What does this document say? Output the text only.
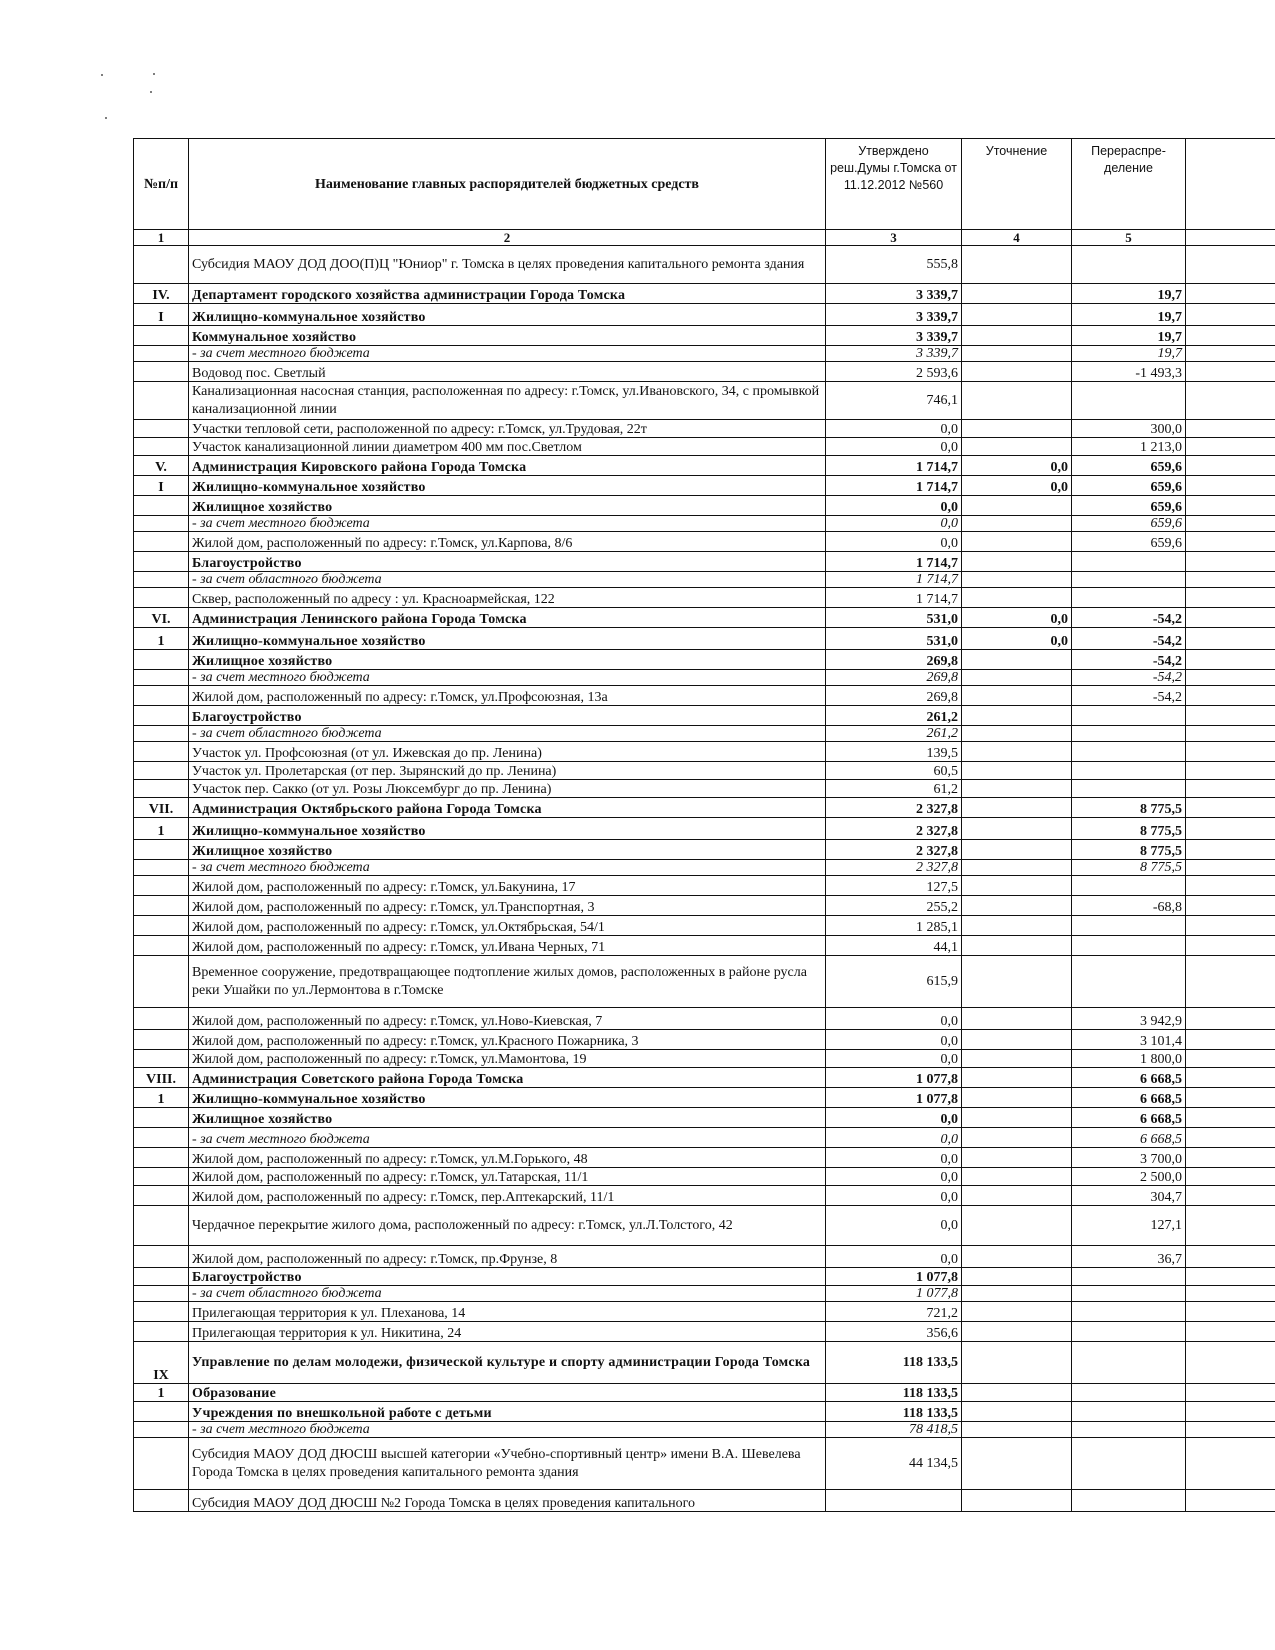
№п/п	Наименование главных распорядителей бюджетных средств	Утверждено реш.Думы г.Томска от 11.12.2012 №560	Уточнение	Перераспре-деление	
1	2	3	4	5	
	Субсидия МАОУ ДОД ДОО(П)Ц "Юниор" г. Томска в целях проведения капитального ремонта здания	555,8			
IV.	Департамент городского хозяйства администрации Города Томска	3 339,7		19,7	
I	Жилищно-коммунальное хозяйство	3 339,7		19,7	
	Коммунальное хозяйство	3 339,7		19,7	
	- за счет местного бюджета	3 339,7		19,7	
	Водовод пос. Светлый	2 593,6		-1 493,3	
	Канализационная насосная станция, расположенная по адресу: г.Томск, ул.Ивановского, 34, с промывкой канализационной линии	746,1			
	Участки тепловой сети, расположенной по адресу: г.Томск, ул.Трудовая, 22т	0,0		300,0	
	Участок канализационной линии диаметром 400 мм пос.Светлом	0,0		1 213,0	
V.	Администрация Кировского района Города Томска	1 714,7	0,0	659,6	
I	Жилищно-коммунальное хозяйство	1 714,7	0,0	659,6	
	Жилищное хозяйство	0,0		659,6	
	- за счет местного бюджета	0,0		659,6	
	Жилой дом, расположенный по адресу: г.Томск, ул.Карпова, 8/6	0,0		659,6	
	Благоустройство	1 714,7			
	- за счет областного бюджета	1 714,7			
	Сквер, расположенный по адресу : ул. Красноармейская, 122	1 714,7			
VI.	Администрация Ленинского района Города Томска	531,0	0,0	-54,2	
1	Жилищно-коммунальное хозяйство	531,0	0,0	-54,2	
	Жилищное хозяйство	269,8		-54,2	
	- за счет местного бюджета	269,8		-54,2	
	Жилой дом, расположенный по адресу: г.Томск, ул.Профсоюзная, 13а	269,8		-54,2	
	Благоустройство	261,2			
	- за счет областного бюджета	261,2			
	Участок ул. Профсоюзная (от ул. Ижевская до пр. Ленина)	139,5			
	Участок ул. Пролетарская (от пер. Зырянский до пр. Ленина)	60,5			
	Участок пер. Сакко (от ул. Розы Люксембург до пр. Ленина)	61,2			
VII.	Администрация Октябрьского района Города Томска	2 327,8		8 775,5	
1	Жилищно-коммунальное хозяйство	2 327,8		8 775,5	
	Жилищное хозяйство	2 327,8		8 775,5	
	- за счет местного бюджета	2 327,8		8 775,5	
	Жилой дом, расположенный по адресу: г.Томск, ул.Бакунина, 17	127,5			
	Жилой дом, расположенный по адресу: г.Томск, ул.Транспортная, 3	255,2		-68,8	
	Жилой дом, расположенный по адресу: г.Томск, ул.Октябрьская, 54/1	1 285,1			
	Жилой дом, расположенный по адресу: г.Томск, ул.Ивана Черных, 71	44,1			
	Временное сооружение, предотвращающее подтопление жилых домов, расположенных в районе русла реки Ушайки по ул.Лермонтова в г.Томске	615,9			
	Жилой дом, расположенный по адресу: г.Томск, ул.Ново-Киевская, 7	0,0		3 942,9	
	Жилой дом, расположенный по адресу: г.Томск, ул.Красного Пожарника, 3	0,0		3 101,4	
	Жилой дом, расположенный по адресу: г.Томск, ул.Мамонтова, 19	0,0		1 800,0	
VIII.	Администрация Советского района Города Томска	1 077,8		6 668,5	
1	Жилищно-коммунальное хозяйство	1 077,8		6 668,5	
	Жилищное хозяйство	0,0		6 668,5	
	- за счет местного бюджета	0,0		6 668,5	
	Жилой дом, расположенный по адресу: г.Томск, ул.М.Горького, 48	0,0		3 700,0	
	Жилой дом, расположенный по адресу: г.Томск, ул.Татарская, 11/1	0,0		2 500,0	
	Жилой дом, расположенный по адресу: г.Томск, пер.Аптекарский, 11/1	0,0		304,7	
	Чердачное перекрытие жилого дома, расположенный по адресу: г.Томск, ул.Л.Толстого, 42	0,0		127,1	
	Жилой дом, расположенный по адресу: г.Томск, пр.Фрунзе, 8	0,0		36,7	
	Благоустройство	1 077,8			
	- за счет областного бюджета	1 077,8			
	Прилегающая территория к ул. Плеханова, 14	721,2			
	Прилегающая территория к ул. Никитина, 24	356,6			
IX	Управление по делам молодежи, физической культуре и спорту администрации Города Томска	118 133,5			
1	Образование	118 133,5			
	Учреждения по внешкольной работе с детьми	118 133,5			
	- за счет местного бюджета	78 418,5			
	Субсидия МАОУ ДОД ДЮСШ высшей категории «Учебно-спортивный центр» имени В.А. Шевелева Города Томска в целях проведения капитального ремонта здания	44 134,5			
	Субсидия МАОУ ДОД ДЮСШ №2 Города Томска в целях проведения капитального				
